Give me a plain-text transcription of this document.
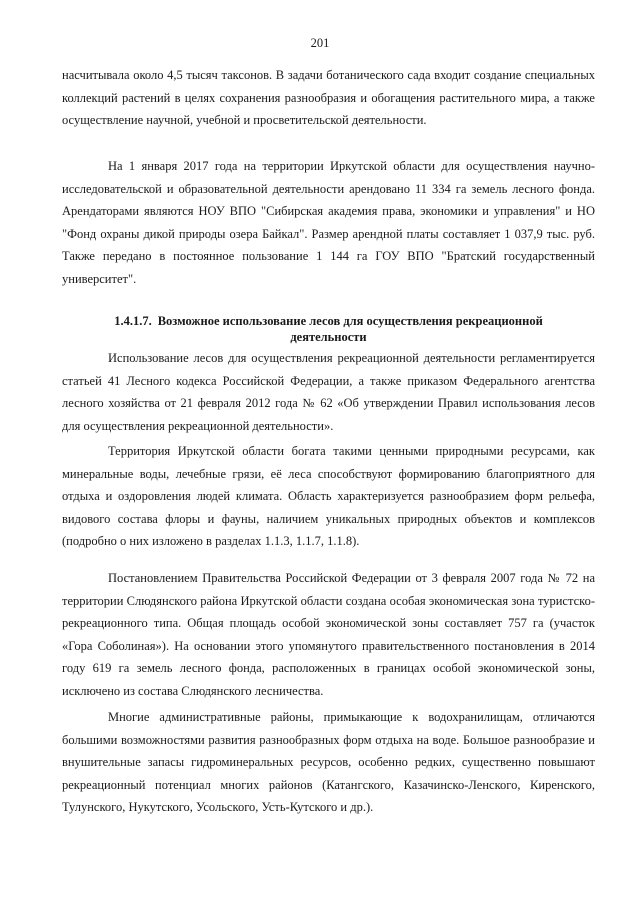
201

насчитывала около 4,5 тысяч таксонов. В задачи ботанического сада входит создание специальных коллекций растений в целях сохранения разнообразия и обогащения растительного мира, а также осуществление научной, учебной и просветительской деятельности.

На 1 января 2017 года на территории Иркутской области для осуществления научно-исследовательской и образовательной деятельности арендовано 11 334 га земель лесного фонда. Арендаторами являются НОУ ВПО "Сибирская академия права, экономики и управления" и НО "Фонд охраны дикой природы озера Байкал". Размер арендной платы составляет 1 037,9 тыс. руб. Также передано в постоянное пользование 1 144 га ГОУ ВПО "Братский государственный университет".

1.4.1.7. Возможное использование лесов для осуществления рекреационной
деятельности

Использование лесов для осуществления рекреационной деятельности регламентируется статьей 41 Лесного кодекса Российской Федерации, а также приказом Федерального агентства лесного хозяйства от 21 февраля 2012 года № 62 «Об утверждении Правил использования лесов для осуществления рекреационной деятельности».

Территория Иркутской области богата такими ценными природными ресурсами, как минеральные воды, лечебные грязи, её леса способствуют формированию благоприятного для отдыха и оздоровления людей климата. Область характеризуется разнообразием форм рельефа, видового состава флоры и фауны, наличием уникальных природных объектов и комплексов (подробно о них изложено в разделах 1.1.3, 1.1.7, 1.1.8).

Постановлением Правительства Российской Федерации от 3 февраля 2007 года № 72 на территории Слюдянского района Иркутской области создана особая экономическая зона туристско-рекреационного типа. Общая площадь особой экономической зоны составляет 757 га (участок «Гора Соболиная»). На основании этого упомянутого правительственного постановления в 2014 году 619 га земель лесного фонда, расположенных в границах особой экономической зоны, исключено из состава Слюдянского лесничества.

Многие административные районы, примыкающие к водохранилищам, отличаются большими возможностями развития разнообразных форм отдыха на воде. Большое разнообразие и внушительные запасы гидроминеральных ресурсов, особенно редких, существенно повышают рекреационный потенциал многих районов (Катангского, Казачинско-Ленского, Киренского, Тулунского, Нукутского, Усольского, Усть-Кутского и др.).
